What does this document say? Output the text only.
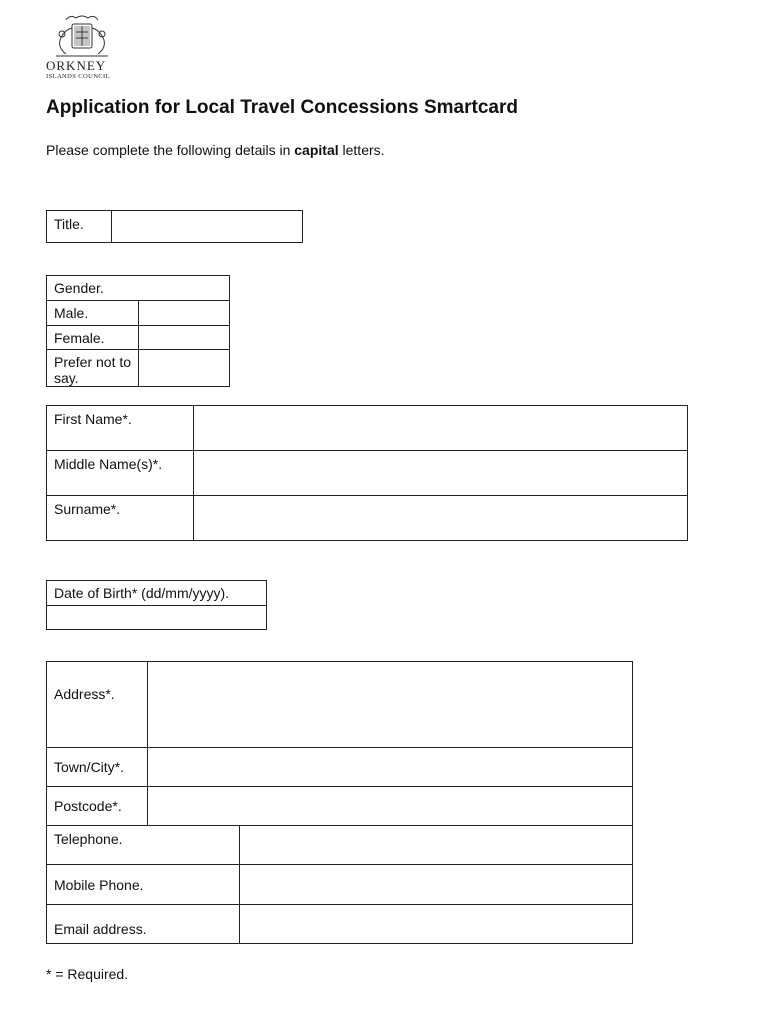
ORKNEY
ISLANDS COUNCIL
Application for Local Travel Concessions Smartcard
Please complete the following details in capital letters.
Title.	
Gender.	
Male.	
Female.	
Prefer not to say.	
First Name*.	
Middle Name(s)*.	
Surname*.	
Date of Birth* (dd/mm/yyyy).

Address*.	
Town/City*.	
Postcode*.	
Telephone.	
Mobile Phone.	
Email address.	
* = Required.
